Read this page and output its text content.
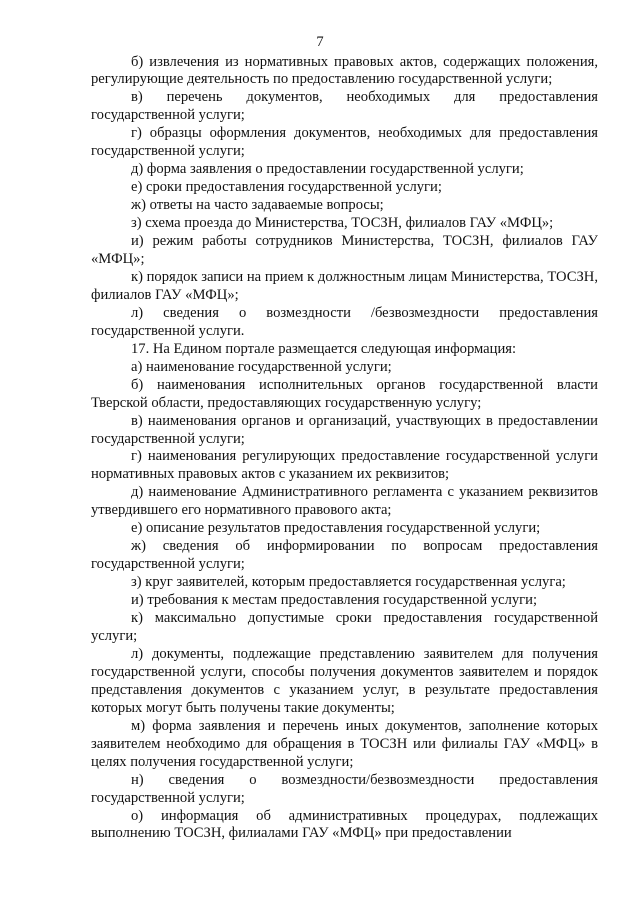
7

б) извлечения из нормативных правовых актов, содержащих положения, регулирующие деятельность по предоставлению государственной услуги;

в) перечень документов, необходимых для предоставления государственной услуги;

г) образцы оформления документов, необходимых для предоставления государственной услуги;

д) форма заявления о предоставлении государственной услуги;

е) сроки предоставления государственной услуги;

ж) ответы на часто задаваемые вопросы;

з) схема проезда до Министерства, ТОСЗН, филиалов ГАУ «МФЦ»;

и) режим работы сотрудников Министерства, ТОСЗН, филиалов ГАУ «МФЦ»;

к) порядок записи на прием к должностным лицам Министерства, ТОСЗН, филиалов ГАУ «МФЦ»;

л) сведения о возмездности /безвозмездности предоставления государственной услуги.

17. На Едином портале размещается следующая информация:

а) наименование государственной услуги;

б) наименования исполнительных органов государственной власти Тверской области, предоставляющих государственную услугу;

в) наименования органов и организаций, участвующих в предоставлении государственной услуги;

г) наименования регулирующих предоставление государственной услуги нормативных правовых актов с указанием их реквизитов;

д) наименование Административного регламента с указанием реквизитов утвердившего его нормативного правового акта;

е) описание результатов предоставления государственной услуги;

ж) сведения об информировании по вопросам предоставления государственной услуги;

з) круг заявителей, которым предоставляется государственная услуга;

и) требования к местам предоставления государственной услуги;

к) максимально допустимые сроки предоставления государственной услуги;

л) документы, подлежащие представлению заявителем для получения государственной услуги, способы получения документов заявителем и порядок представления документов с указанием услуг, в результате предоставления которых могут быть получены такие документы;

м) форма заявления и перечень иных документов, заполнение которых заявителем необходимо для обращения в ТОСЗН или филиалы ГАУ «МФЦ» в целях получения государственной услуги;

н) сведения о возмездности/безвозмездности предоставления государственной услуги;

о) информация об административных процедурах, подлежащих выполнению ТОСЗН, филиалами ГАУ «МФЦ» при предоставлении
